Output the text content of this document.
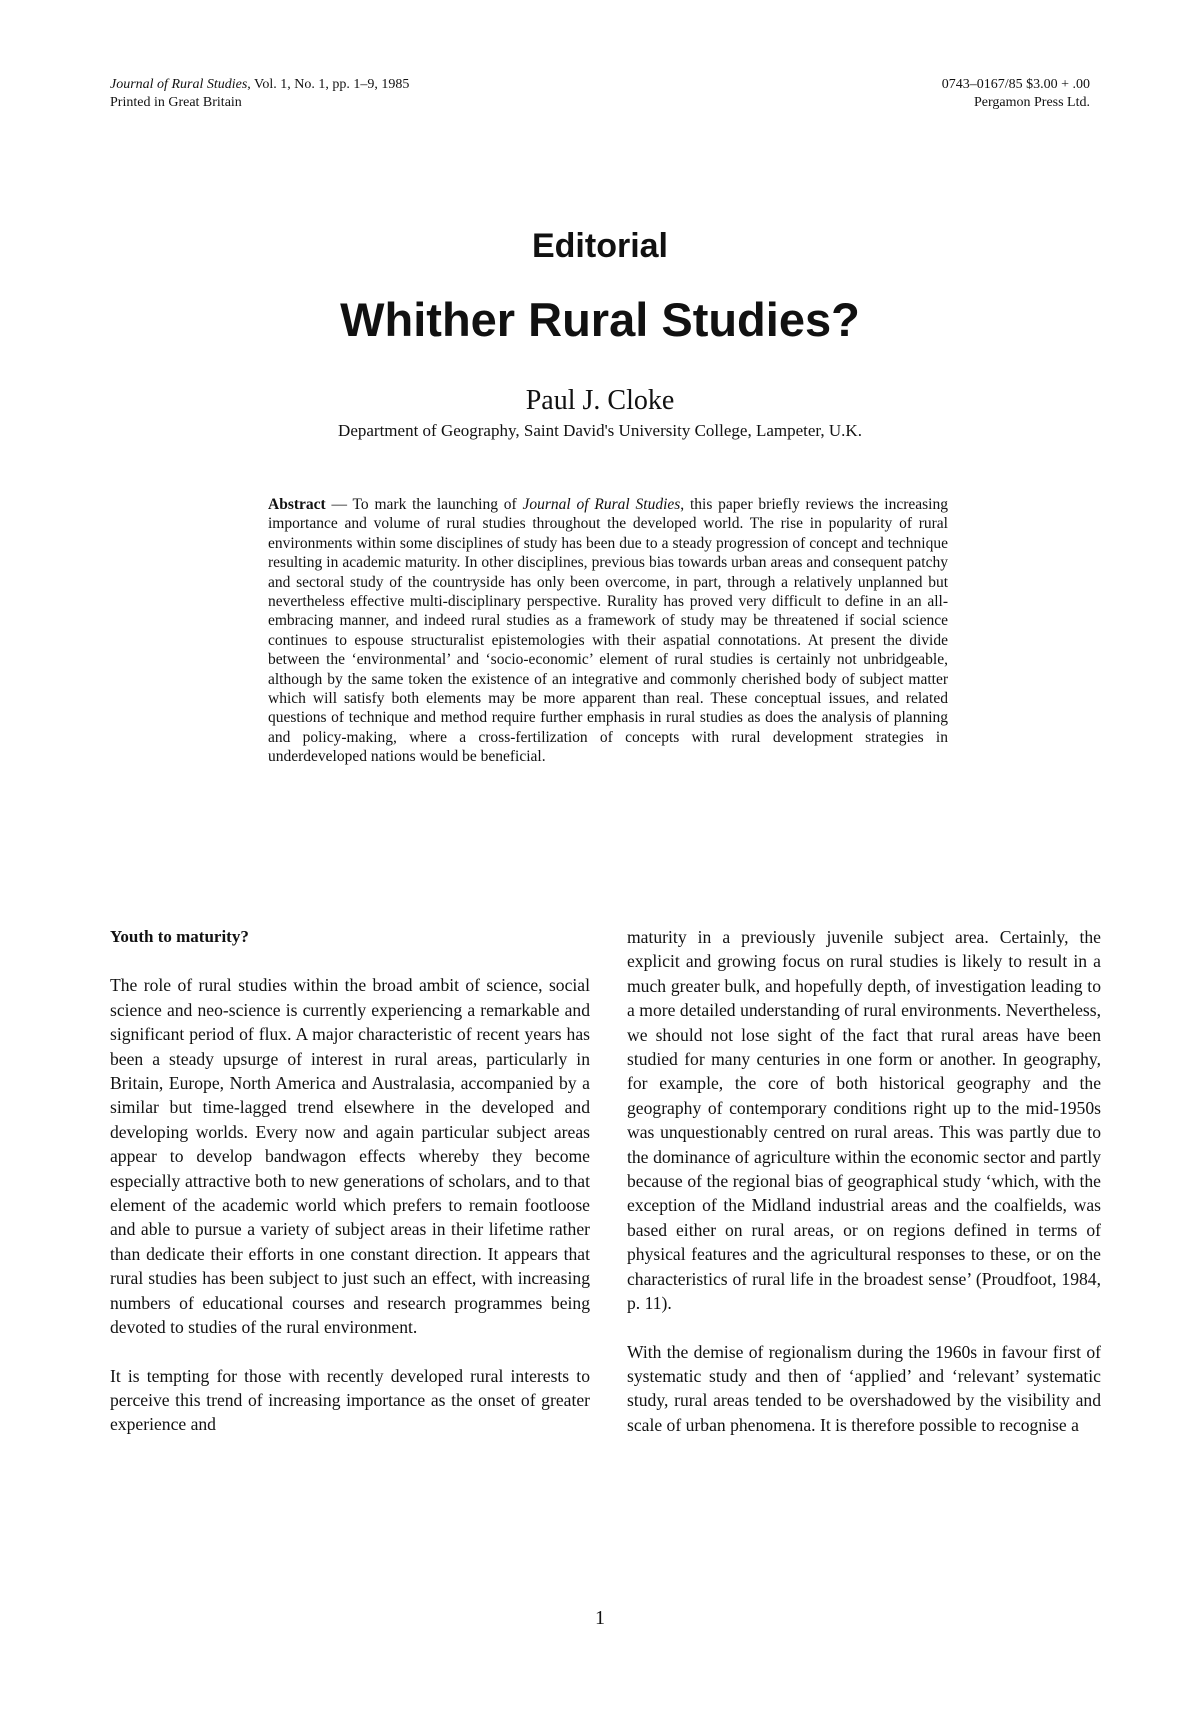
Journal of Rural Studies, Vol. 1, No. 1, pp. 1–9, 1985
Printed in Great Britain
0743–0167/85 $3.00 + .00
Pergamon Press Ltd.
Editorial
Whither Rural Studies?
Paul J. Cloke
Department of Geography, Saint David's University College, Lampeter, U.K.
Abstract — To mark the launching of Journal of Rural Studies, this paper briefly reviews the increasing importance and volume of rural studies throughout the developed world. The rise in popularity of rural environments within some disciplines of study has been due to a steady progression of concept and technique resulting in academic maturity. In other disciplines, previous bias towards urban areas and consequent patchy and sectoral study of the countryside has only been overcome, in part, through a relatively unplanned but nevertheless effective multi-disciplinary perspective. Rurality has proved very difficult to define in an all-embracing manner, and indeed rural studies as a framework of study may be threatened if social science continues to espouse structuralist epistemologies with their aspatial connotations. At present the divide between the ‘environmental’ and ‘socio-economic’ element of rural studies is certainly not unbridgeable, although by the same token the existence of an integrative and commonly cherished body of subject matter which will satisfy both elements may be more apparent than real. These conceptual issues, and related questions of technique and method require further emphasis in rural studies as does the analysis of planning and policy-making, where a cross-fertilization of concepts with rural development strategies in underdeveloped nations would be beneficial.
Youth to maturity?

The role of rural studies within the broad ambit of science, social science and neo-science is currently experiencing a remarkable and significant period of flux. A major characteristic of recent years has been a steady upsurge of interest in rural areas, particularly in Britain, Europe, North America and Australasia, accompanied by a similar but time-lagged trend elsewhere in the developed and developing worlds. Every now and again particular subject areas appear to develop bandwagon effects whereby they become especially attractive both to new generations of scholars, and to that element of the academic world which prefers to remain footloose and able to pursue a variety of subject areas in their lifetime rather than dedicate their efforts in one constant direction. It appears that rural studies has been subject to just such an effect, with increasing numbers of educational courses and research programmes being devoted to studies of the rural environment.

It is tempting for those with recently developed rural interests to perceive this trend of increasing importance as the onset of greater experience and

maturity in a previously juvenile subject area. Certainly, the explicit and growing focus on rural studies is likely to result in a much greater bulk, and hopefully depth, of investigation leading to a more detailed understanding of rural environments. Nevertheless, we should not lose sight of the fact that rural areas have been studied for many centuries in one form or another. In geography, for example, the core of both historical geography and the geography of contemporary conditions right up to the mid-1950s was unquestionably centred on rural areas. This was partly due to the dominance of agriculture within the economic sector and partly because of the regional bias of geographical study ‘which, with the exception of the Midland industrial areas and the coalfields, was based either on rural areas, or on regions defined in terms of physical features and the agricultural responses to these, or on the characteristics of rural life in the broadest sense’ (Proudfoot, 1984, p. 11).

With the demise of regionalism during the 1960s in favour first of systematic study and then of ‘applied’ and ‘relevant’ systematic study, rural areas tended to be overshadowed by the visibility and scale of urban phenomena. It is therefore possible to recognise a

1
